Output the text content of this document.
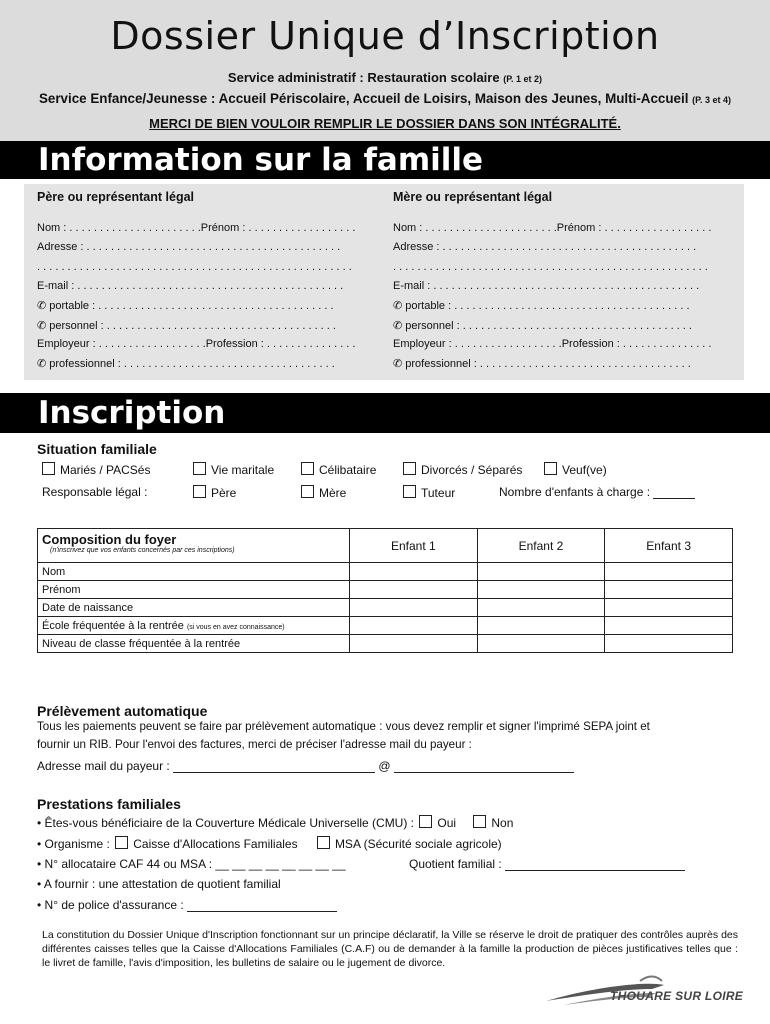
Dossier Unique d’Inscription
Service administratif : Restauration scolaire (P. 1 et 2)
Service Enfance/Jeunesse : Accueil Périscolaire, Accueil de Loisirs, Maison des Jeunes, Multi-Accueil (P. 3 et 4)
MERCI DE BIEN VOULOIR REMPLIR LE DOSSIER DANS SON INTÉGRALITÉ.
Information sur la famille
Père ou représentant légal	Mère ou représentant légal
Nom : . . . . . . . . . . . . . . . . . . . . . .Prénom : . . . . . . . . . . . . . . . . . .
Adresse : . . . . . . . . . . . . . . . . . . . . . . . . . . . . . . . . . . . . . . . . . .
. . . . . . . . . . . . . . . . . . . . . . . . . . . . . . . . . . . . . . . . . . . . . . . . . . . .
E-mail : . . . . . . . . . . . . . . . . . . . . . . . . . . . . . . . . . . . . . . . . . . . .
✆ portable : . . . . . . . . . . . . . . . . . . . . . . . . . . . . . . . . . . . . . . .
✆ personnel : . . . . . . . . . . . . . . . . . . . . . . . . . . . . . . . . . . . . . .
Employeur : . . . . . . . . . . . . . . . . . .Profession : . . . . . . . . . . . . . . .
✆ professionnel : . . . . . . . . . . . . . . . . . . . . . . . . . . . . . . . . . . .
Nom : . . . . . . . . . . . . . . . . . . . . . .Prénom : . . . . . . . . . . . . . . . . . .
Adresse : . . . . . . . . . . . . . . . . . . . . . . . . . . . . . . . . . . . . . . . . . .
. . . . . . . . . . . . . . . . . . . . . . . . . . . . . . . . . . . . . . . . . . . . . . . . . . . .
E-mail : . . . . . . . . . . . . . . . . . . . . . . . . . . . . . . . . . . . . . . . . . . . .
✆ portable : . . . . . . . . . . . . . . . . . . . . . . . . . . . . . . . . . . . . . . .
✆ personnel : . . . . . . . . . . . . . . . . . . . . . . . . . . . . . . . . . . . . . .
Employeur : . . . . . . . . . . . . . . . . . .Profession : . . . . . . . . . . . . . . .
✆ professionnel : . . . . . . . . . . . . . . . . . . . . . . . . . . . . . . . . . . .
Inscription
Situation familiale
Mariés / PACSés	Vie maritale	Célibataire	Divorcés / Séparés	Veuf(ve)
Responsable légal :	Père	Mère	Tuteur	Nombre d'enfants à charge :
Composition du foyer
(n'inscrivez que vos enfants concernés par ces inscriptions)	Enfant 1	Enfant 2	Enfant 3
Nom			
Prénom			
Date de naissance			
École fréquentée à la rentrée (si vous en avez connaissance)			
Niveau de classe fréquentée à la rentrée			
Prélèvement automatique
Tous les paiements peuvent se faire par prélèvement automatique : vous devez remplir et signer l'imprimé SEPA joint et
fournir un RIB. Pour l'envoi des factures, merci de préciser l'adresse mail du payeur :
Adresse mail du payeur :	@
Prestations familiales
• Êtes-vous bénéficiaire de la Couverture Médicale Universelle (CMU) : Oui	Non
• Organisme : Caisse d'Allocations Familiales	MSA (Sécurité sociale agricole)
• N° allocataire CAF 44 ou MSA : __ __ __ __ __ __ __ __	Quotient familial :
• A fournir : une attestation de quotient familial
• N° de police d'assurance :
La constitution du Dossier Unique d'Inscription fonctionnant sur un principe déclaratif, la Ville se réserve le droit de pratiquer des contrôles auprès des différentes caisses telles que la Caisse d'Allocations Familiales (C.A.F) ou de demander à la famille la production de pièces justificatives telles que : le livret de famille, l'avis d'imposition, les bulletins de salaire ou le jugement de divorce.
THOUARE SUR LOIRE
